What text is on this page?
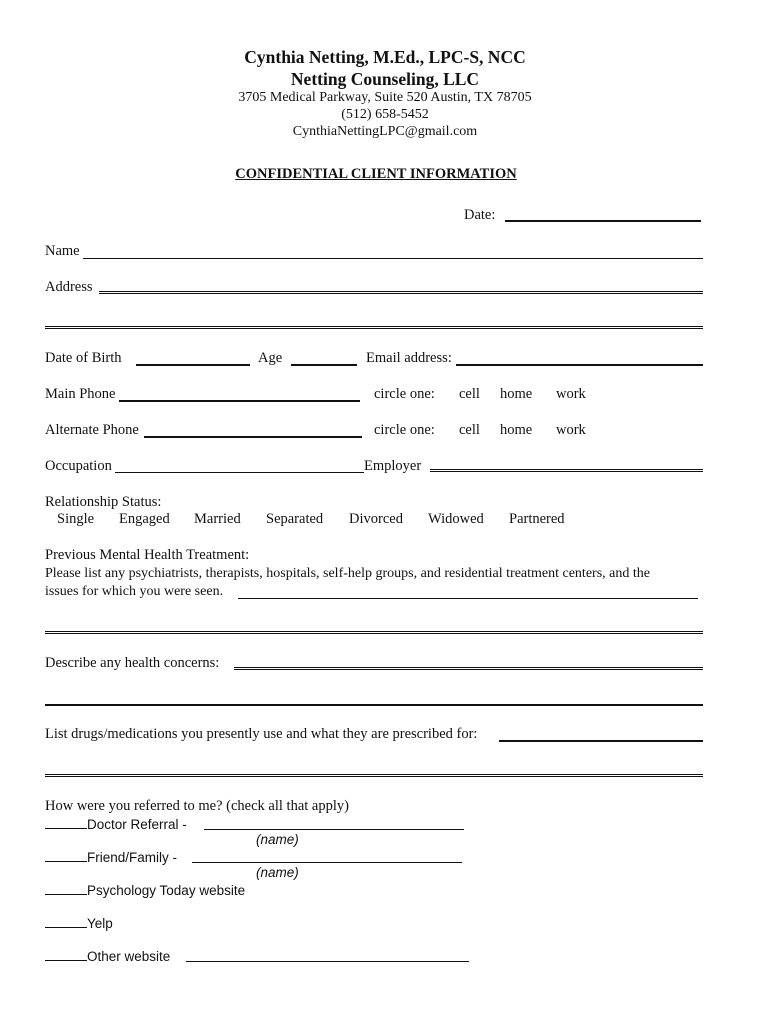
Cynthia Netting, M.Ed., LPC-S, NCC
Netting Counseling, LLC
3705 Medical Parkway, Suite 520 Austin, TX 78705
(512) 658-5452
CynthiaNettingLPC@gmail.com
CONFIDENTIAL CLIENT INFORMATION
Date:
Name
Address
Date of Birth	Age	Email address:
Main Phone	circle one: cell home work
Alternate Phone	circle one: cell home work
Occupation	Employer
Relationship Status:
Single Engaged Married Separated Divorced Widowed Partnered
Previous Mental Health Treatment:
Please list any psychiatrists, therapists, hospitals, self-help groups, and residential treatment centers, and the
issues for which you were seen.
Describe any health concerns:
List drugs/medications you presently use and what they are prescribed for:
How were you referred to me? (check all that apply)
Doctor Referral -
(name)
Friend/Family -
(name)
Psychology Today website
Yelp
Other website
